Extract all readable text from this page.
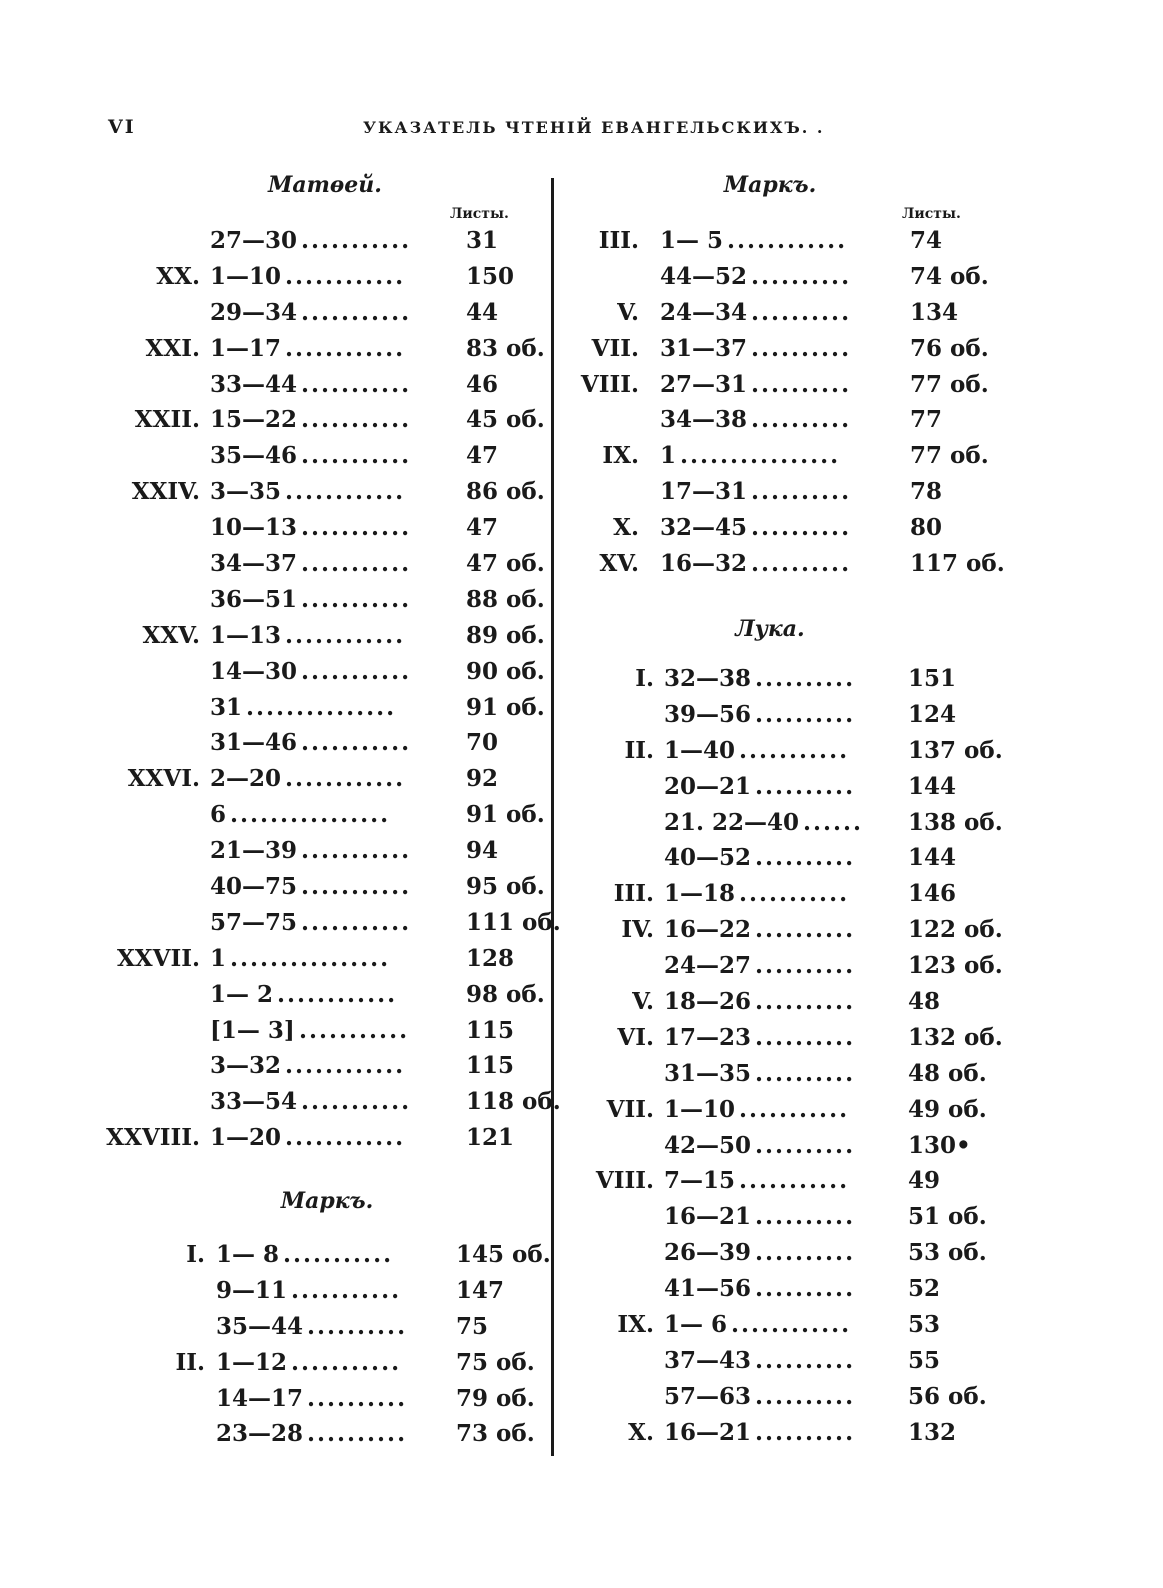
VI	УКАЗАТЕЛЬ ЧТЕНІЙ ЕВАНГЕЛЬСКИХЪ. .
Матѳей.
Листы.
27—30 ........... 31
XX. 1—10 ............	150
29—34 ........... 44
XXI. 1—17 ............	83 об.
33—44 ........... 46
XXII. 15—22 ........... 45 об.
35—46 ........... 47
XXIV. 3—35 ............	86 об.
10—13 ........... 47
34—37 ........... 47 об.
36—51 ........... 88 об.
XXV. 1—13 ............	89 об.
14—30 ........... 90 об.
31 ...............	91 об.
31—46 ........... 70
XXVI. 2—20 ............	92
6 ................	91 об.
21—39 ........... 94
40—75 ........... 95 об.
57—75 ........... 111 об.
XXVII. 1 ................	128
1— 2 ............	98 об.
[1— 3] ........... 115
3—32 ............	115
33—54 ........... 118 об.
XXVIII. 1—20 ............	121
Маркъ.
I. 1— 8 ...........	145 об.
9—11 ........... 147
35—44 .......... 75
II. 1—12 ........... 75 об.
14—17 .......... 79 об.
23—28 .......... 73 об.
Маркъ.
Листы.
III. 1— 5 ............	74
44—52 ..........	74 об.
V. 24—34 ..........	134
VII. 31—37 ..........	76 об.
VIII. 27—31 ..........	77 об.
34—38 ..........	77
IX. 1 ................	77 об.
17—31 ..........	78
X. 32—45 ..........	80
XV. 16—32 ..........	117 об.
Лука.
I. 32—38 .......... 151
39—56 .......... 124
II. 1—40 ...........	137 об.
20—21 .......... 144
21. 22—40 ...... 138 об.
40—52 .......... 144
III. 1—18 ...........	146
IV. 16—22 .......... 122 об.
24—27 .......... 123 об.
V. 18—26 .......... 48
VI. 17—23 .......... 132 об.
31—35 .......... 48 об.
VII. 1—10 ...........	49 об.
42—50 .......... 130•
VIII. 7—15 ...........	49
16—21 .......... 51 об.
26—39 .......... 53 об.
41—56 .......... 52
IX. 1— 6 ............ 53
37—43 .......... 55
57—63 .......... 56 об.
X. 16—21 .......... 132
